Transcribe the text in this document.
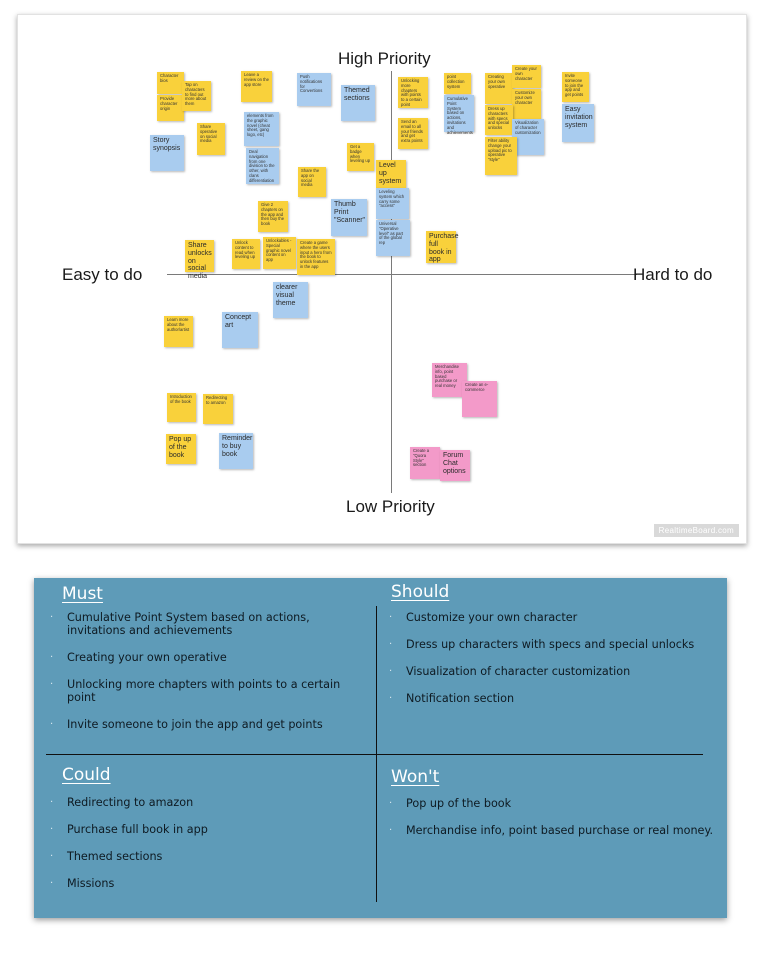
High Priority
Low Priority
Easy to do	Hard to do
Character bios
Provide character origin
Tap on characters to find out more about them
Leave a review on the app store
Push notifications for Convertions	Themed sections
Unlocking more chapters with points to a certain point
point collection system
Cumulative Point System based on actions, invitations and achievements
Creating your own operative
Create your own character
Customize your own character
Invite someone to join the app and get points
Easy invitation system
Story synopsis
Share operative on social media
elements from the graphic novel (cheat sheet, gang logo, etc)
Send an email to all your friends and get extra points
Dress up characters with specs and special unlocks
Visualization of character customization
Get a badge when leveling up
Filter ability change your upload pic to operative "style"
Deal navigation from one division to the other, with clans differentiation
Share the app on social media
Level up system
Leveling system which carry some "access"
Thumb Print "Scanner"
Give 2 chapters on the app and then buy the book	Universal "Operative level" as part of the global rep
Purchase full book in app
Share unlocks on social media
Unlock content to read when leveling up
Unlockables - Special graphic novel content on app
Create a game where the users input a hero from the book to unlock features in the app
clearer visual theme
Learn more about the author/artist
Concept art
Merchandise info, point based purchase or real money	Create an e-commerce
Introduction of the book
Redirecting to amazon
Pop up of the book
Reminder to buy book
Create a "Quora Style" section
Forum Chat options
RealtimeBoard.com
Must
· Cumulative Point System based on actions, invitations and achievements
· Creating your own operative
· Unlocking more chapters with points to a certain point
· Invite someone to join the app and get points
Should
· Customize your own character
· Dress up characters with specs and special unlocks
· Visualization of character customization
· Notification section
Could
· Redirecting to amazon
· Purchase full book in app
· Themed sections
· Missions
Won't
· Pop up of the book
· Merchandise info, point based purchase or real money.
